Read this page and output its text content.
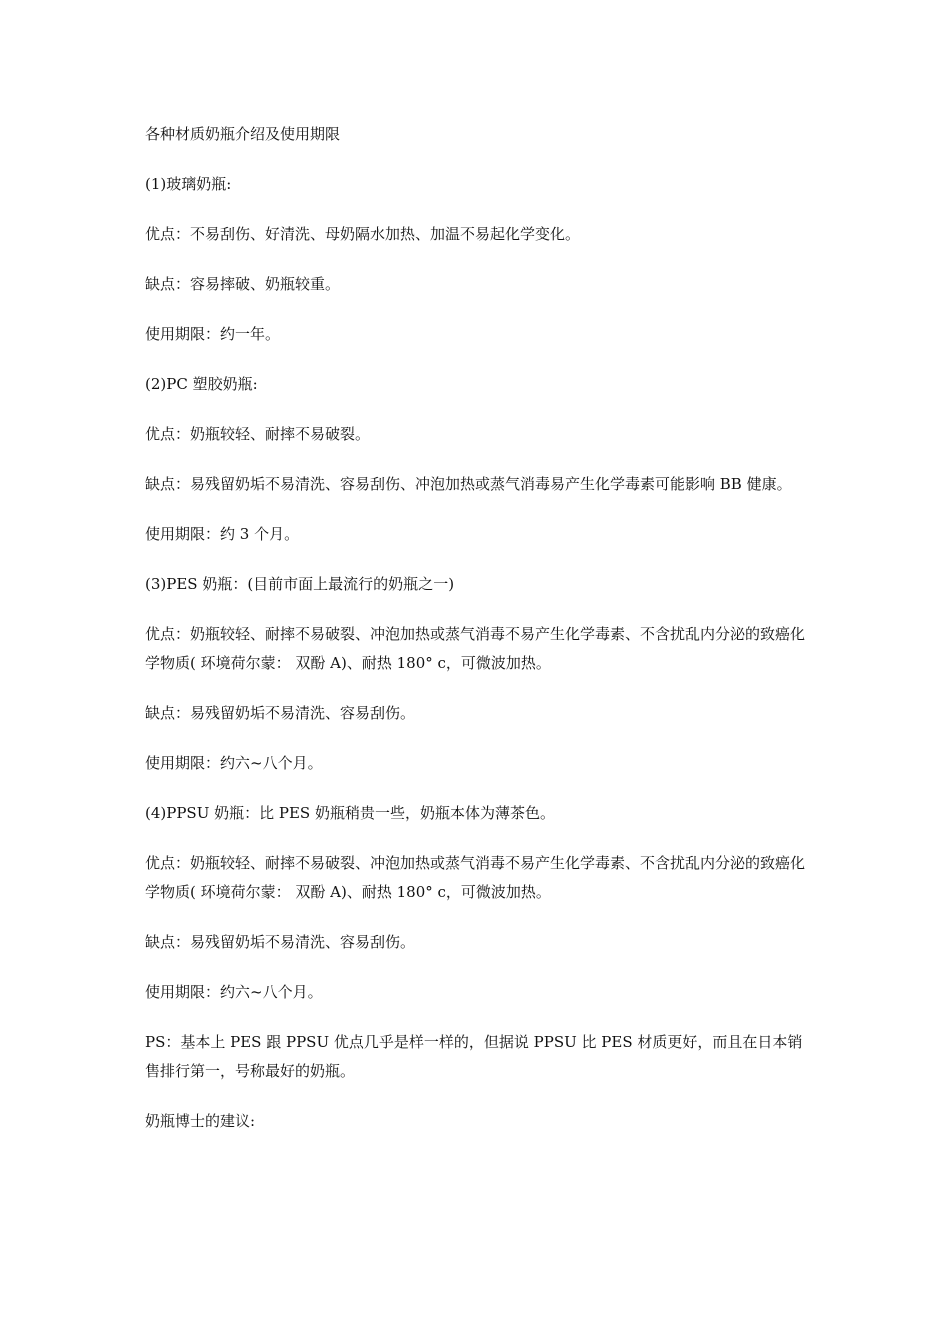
各种材质奶瓶介绍及使用期限

(1)玻璃奶瓶:

优点：不易刮伤、好清洗、母奶隔水加热、加温不易起化学变化。

缺点：容易摔破、奶瓶较重。

使用期限：约一年。

(2)PC 塑胶奶瓶:

优点：奶瓶较轻、耐摔不易破裂。

缺点：易残留奶垢不易清洗、容易刮伤、冲泡加热或蒸气消毒易产生化学毒素可能影响 BB 健康。

使用期限：约 3 个月。

(3)PES 奶瓶：(目前市面上最流行的奶瓶之一)

优点：奶瓶较轻、耐摔不易破裂、冲泡加热或蒸气消毒不易产生化学毒素、不含扰乱内分泌的致癌化学物质( 环境荷尔蒙： 双酚 A)、耐热 180° c，可微波加热。

缺点：易残留奶垢不易清洗、容易刮伤。

使用期限：约六~八个月。

(4)PPSU 奶瓶：比 PES 奶瓶稍贵一些，奶瓶本体为薄茶色。

优点：奶瓶较轻、耐摔不易破裂、冲泡加热或蒸气消毒不易产生化学毒素、不含扰乱内分泌的致癌化学物质( 环境荷尔蒙： 双酚 A)、耐热 180° c，可微波加热。

缺点：易残留奶垢不易清洗、容易刮伤。

使用期限：约六~八个月。

PS：基本上 PES 跟 PPSU 优点几乎是样一样的，但据说 PPSU 比 PES 材质更好，而且在日本销售排行第一，号称最好的奶瓶。

奶瓶博士的建议:
